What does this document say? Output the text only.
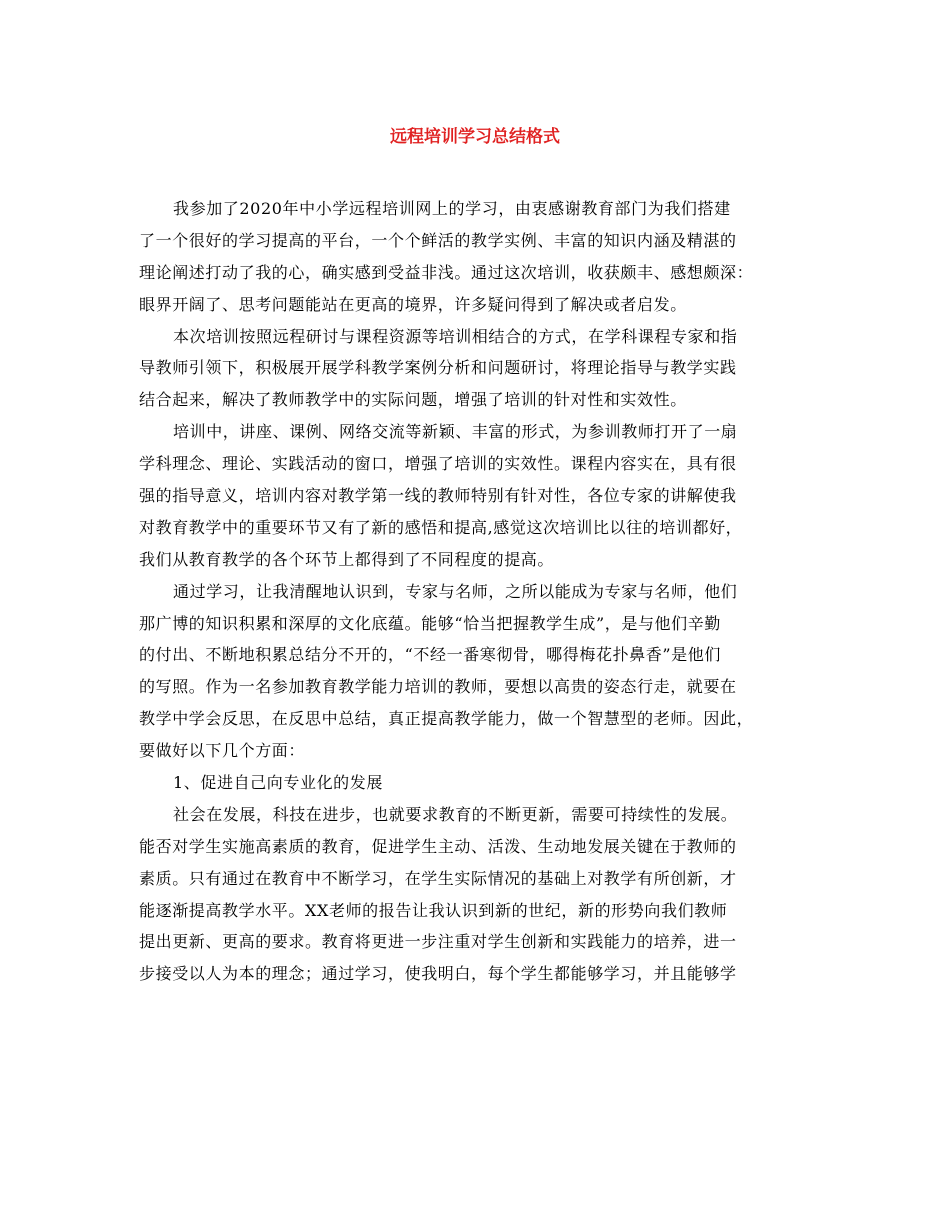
远程培训学习总结格式

我参加了2020年中小学远程培训网上的学习，由衷感谢教育部门为我们搭建
了一个很好的学习提高的平台，一个个鲜活的教学实例、丰富的知识内涵及精湛的
理论阐述打动了我的心，确实感到受益非浅。通过这次培训，收获颇丰、感想颇深：
眼界开阔了、思考问题能站在更高的境界，许多疑问得到了解决或者启发。

本次培训按照远程研讨与课程资源等培训相结合的方式，在学科课程专家和指
导教师引领下，积极展开展学科教学案例分析和问题研讨，将理论指导与教学实践
结合起来，解决了教师教学中的实际问题，增强了培训的针对性和实效性。

培训中，讲座、课例、网络交流等新颖、丰富的形式，为参训教师打开了一扇
学科理念、理论、实践活动的窗口，增强了培训的实效性。课程内容实在，具有很
强的指导意义，培训内容对教学第一线的教师特别有针对性，各位专家的讲解使我
对教育教学中的重要环节又有了新的感悟和提高,感觉这次培训比以往的培训都好，
我们从教育教学的各个环节上都得到了不同程度的提高。

通过学习，让我清醒地认识到，专家与名师，之所以能成为专家与名师，他们
那广博的知识积累和深厚的文化底蕴。能够“恰当把握教学生成”，是与他们辛勤
的付出、不断地积累总结分不开的，“不经一番寒彻骨，哪得梅花扑鼻香”是他们
的写照。作为一名参加教育教学能力培训的教师，要想以高贵的姿态行走，就要在
教学中学会反思，在反思中总结，真正提高教学能力，做一个智慧型的老师。因此，
要做好以下几个方面：

1、促进自己向专业化的发展

社会在发展，科技在进步，也就要求教育的不断更新，需要可持续性的发展。
能否对学生实施高素质的教育，促进学生主动、活泼、生动地发展关键在于教师的
素质。只有通过在教育中不断学习，在学生实际情况的基础上对教学有所创新，才
能逐渐提高教学水平。XX老师的报告让我认识到新的世纪，新的形势向我们教师
提出更新、更高的要求。教育将更进一步注重对学生创新和实践能力的培养，进一
步接受以人为本的理念；通过学习，使我明白，每个学生都能够学习，并且能够学
